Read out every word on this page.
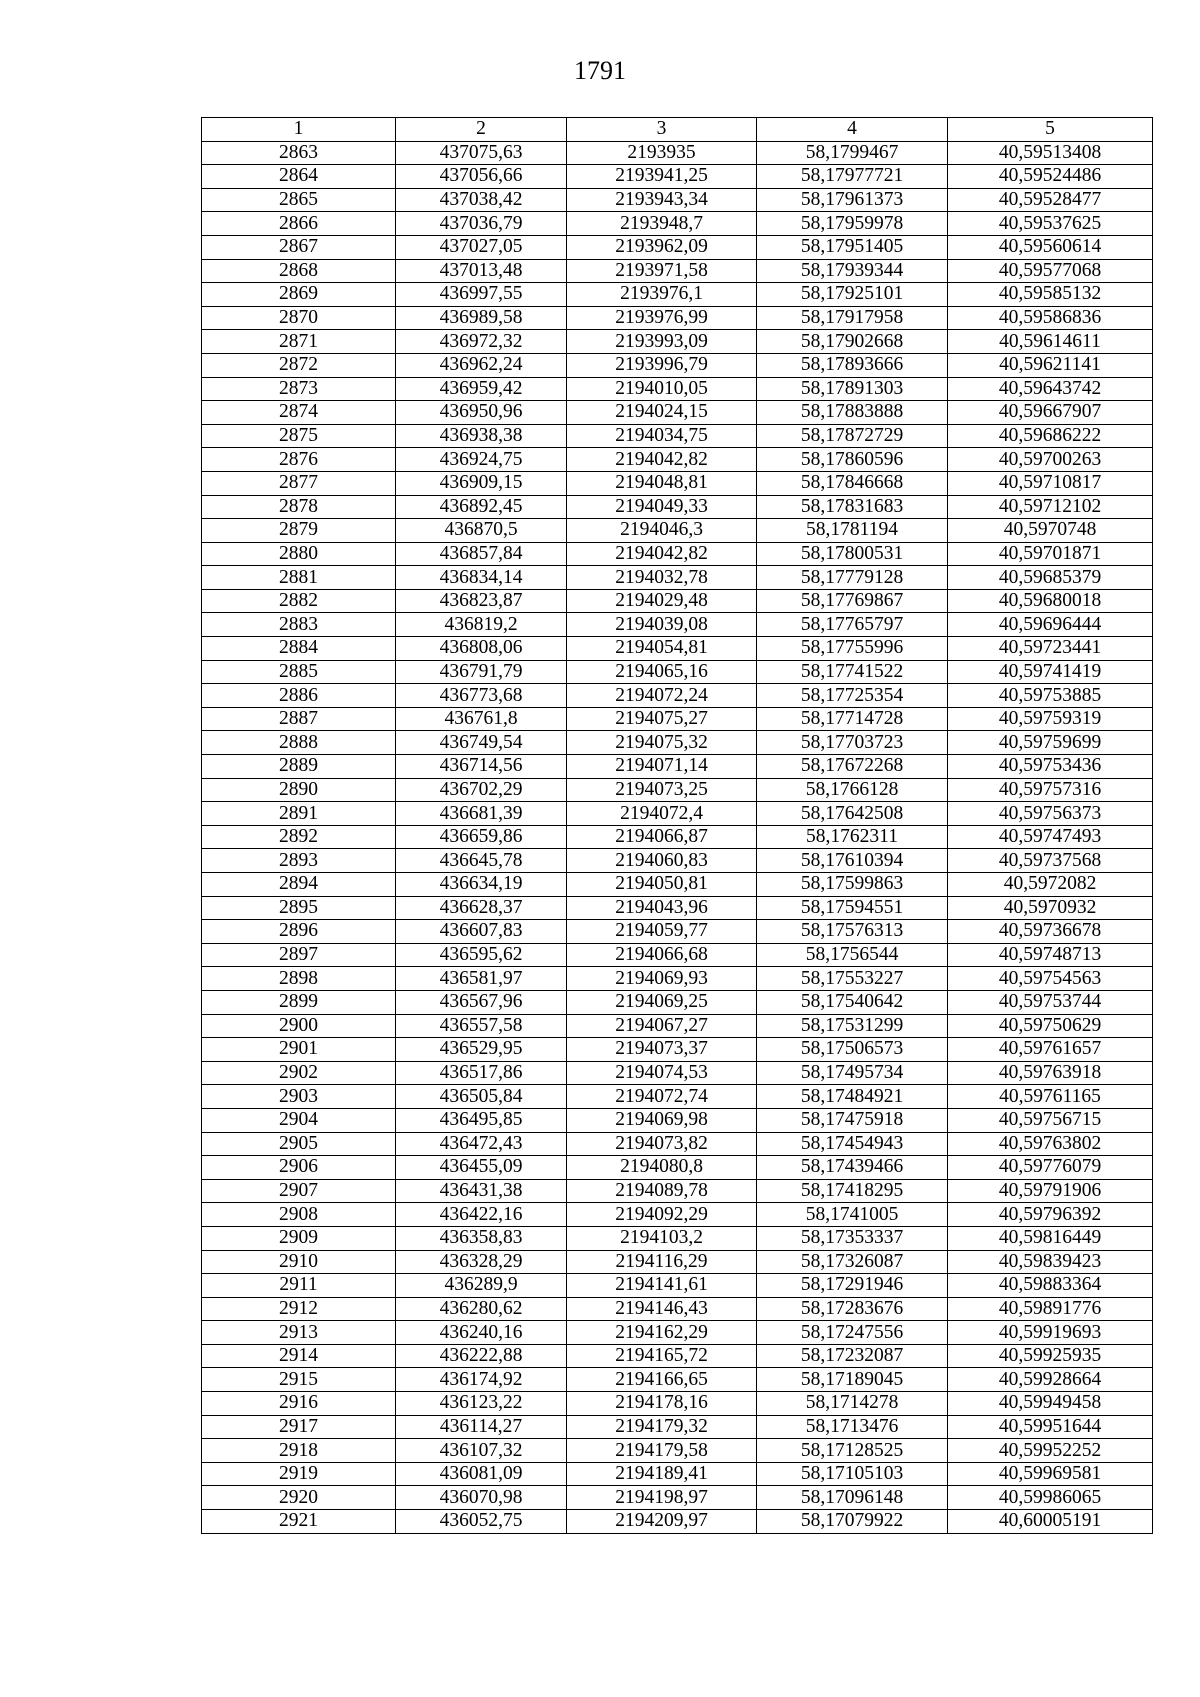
1791
1	2	3	4	5
2863	437075,63	2193935	58,1799467	40,59513408
2864	437056,66	2193941,25	58,17977721	40,59524486
2865	437038,42	2193943,34	58,17961373	40,59528477
2866	437036,79	2193948,7	58,17959978	40,59537625
2867	437027,05	2193962,09	58,17951405	40,59560614
2868	437013,48	2193971,58	58,17939344	40,59577068
2869	436997,55	2193976,1	58,17925101	40,59585132
2870	436989,58	2193976,99	58,17917958	40,59586836
2871	436972,32	2193993,09	58,17902668	40,59614611
2872	436962,24	2193996,79	58,17893666	40,59621141
2873	436959,42	2194010,05	58,17891303	40,59643742
2874	436950,96	2194024,15	58,17883888	40,59667907
2875	436938,38	2194034,75	58,17872729	40,59686222
2876	436924,75	2194042,82	58,17860596	40,59700263
2877	436909,15	2194048,81	58,17846668	40,59710817
2878	436892,45	2194049,33	58,17831683	40,59712102
2879	436870,5	2194046,3	58,1781194	40,5970748
2880	436857,84	2194042,82	58,17800531	40,59701871
2881	436834,14	2194032,78	58,17779128	40,59685379
2882	436823,87	2194029,48	58,17769867	40,59680018
2883	436819,2	2194039,08	58,17765797	40,59696444
2884	436808,06	2194054,81	58,17755996	40,59723441
2885	436791,79	2194065,16	58,17741522	40,59741419
2886	436773,68	2194072,24	58,17725354	40,59753885
2887	436761,8	2194075,27	58,17714728	40,59759319
2888	436749,54	2194075,32	58,17703723	40,59759699
2889	436714,56	2194071,14	58,17672268	40,59753436
2890	436702,29	2194073,25	58,1766128	40,59757316
2891	436681,39	2194072,4	58,17642508	40,59756373
2892	436659,86	2194066,87	58,1762311	40,59747493
2893	436645,78	2194060,83	58,17610394	40,59737568
2894	436634,19	2194050,81	58,17599863	40,5972082
2895	436628,37	2194043,96	58,17594551	40,5970932
2896	436607,83	2194059,77	58,17576313	40,59736678
2897	436595,62	2194066,68	58,1756544	40,59748713
2898	436581,97	2194069,93	58,17553227	40,59754563
2899	436567,96	2194069,25	58,17540642	40,59753744
2900	436557,58	2194067,27	58,17531299	40,59750629
2901	436529,95	2194073,37	58,17506573	40,59761657
2902	436517,86	2194074,53	58,17495734	40,59763918
2903	436505,84	2194072,74	58,17484921	40,59761165
2904	436495,85	2194069,98	58,17475918	40,59756715
2905	436472,43	2194073,82	58,17454943	40,59763802
2906	436455,09	2194080,8	58,17439466	40,59776079
2907	436431,38	2194089,78	58,17418295	40,59791906
2908	436422,16	2194092,29	58,1741005	40,59796392
2909	436358,83	2194103,2	58,17353337	40,59816449
2910	436328,29	2194116,29	58,17326087	40,59839423
2911	436289,9	2194141,61	58,17291946	40,59883364
2912	436280,62	2194146,43	58,17283676	40,59891776
2913	436240,16	2194162,29	58,17247556	40,59919693
2914	436222,88	2194165,72	58,17232087	40,59925935
2915	436174,92	2194166,65	58,17189045	40,59928664
2916	436123,22	2194178,16	58,1714278	40,59949458
2917	436114,27	2194179,32	58,1713476	40,59951644
2918	436107,32	2194179,58	58,17128525	40,59952252
2919	436081,09	2194189,41	58,17105103	40,59969581
2920	436070,98	2194198,97	58,17096148	40,59986065
2921	436052,75	2194209,97	58,17079922	40,60005191
